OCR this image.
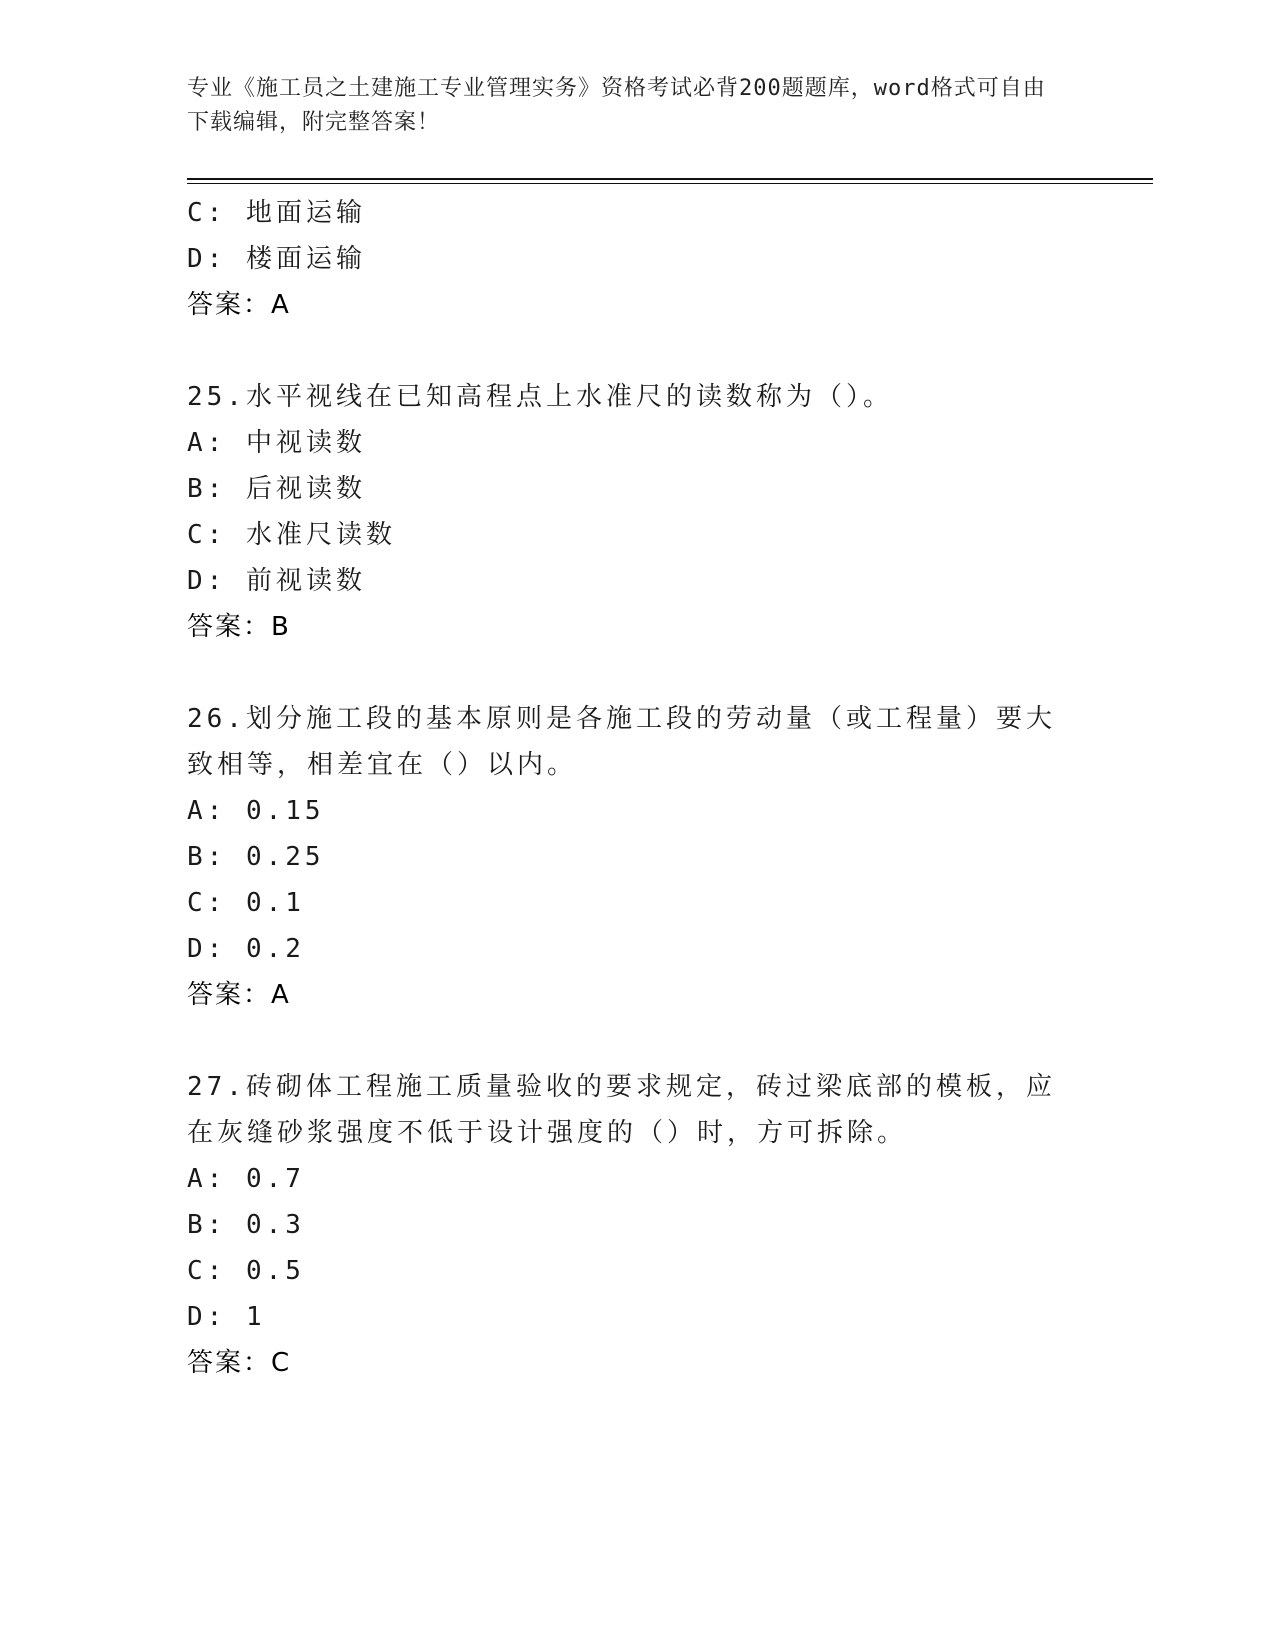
专业《施工员之土建施工专业管理实务》资格考试必背200题题库，word格式可自由下载编辑，附完整答案！
C: 地面运输
D: 楼面运输
答案：A
25.水平视线在已知高程点上水准尺的读数称为（）。
A: 中视读数
B: 后视读数
C: 水准尺读数
D: 前视读数
答案：B
26.划分施工段的基本原则是各施工段的劳动量（或工程量）要大致相等，相差宜在（）以内。
A: 0.15
B: 0.25
C: 0.1
D: 0.2
答案：A
27.砖砌体工程施工质量验收的要求规定，砖过梁底部的模板，应在灰缝砂浆强度不低于设计强度的（）时，方可拆除。
A: 0.7
B: 0.3
C: 0.5
D: 1
答案：C
